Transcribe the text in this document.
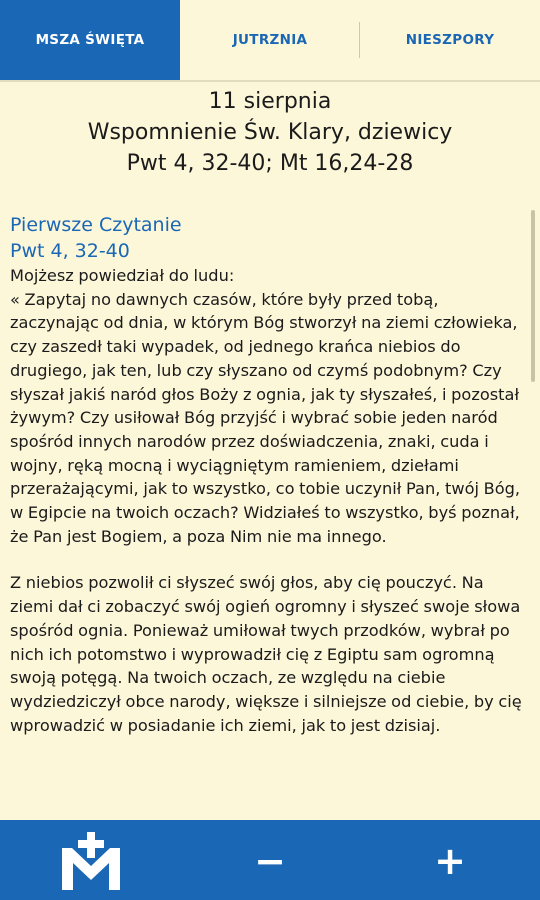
MSZA ŚWIĘTA	JUTRZNIA	NIESZPORY
11 sierpnia
Wspomnienie Św. Klary, dziewicy
Pwt 4, 32-40; Mt 16,24-28
Pierwsze Czytanie
Pwt 4, 32-40

Mojżesz powiedział do ludu:
« Zapytaj no dawnych czasów, które były przed tobą, zaczynając od dnia, w którym Bóg stworzył na ziemi człowieka, czy zaszedł taki wypadek, od jednego krańca niebios do drugiego, jak ten, lub czy słyszano od czymś podobnym? Czy słyszał jakiś naród głos Boży z ognia, jak ty słyszałeś, i pozostał żywym? Czy usiłował Bóg przyjść i wybrać sobie jeden naród spośród innych narodów przez doświadczenia, znaki, cuda i wojny, ręką mocną i wyciągniętym ramieniem, dziełami przerażającymi, jak to wszystko, co tobie uczynił Pan, twój Bóg, w Egipcie na twoich oczach? Widziałeś to wszystko, byś poznał, że Pan jest Bogiem, a poza Nim nie ma innego.

Z niebios pozwolił ci słyszeć swój głos, aby cię pouczyć. Na ziemi dał ci zobaczyć swój ogień ogromny i słyszeć swoje słowa spośród ognia. Ponieważ umiłował twych przodków, wybrał po nich ich potomstwo i wyprowadził cię z Egiptu sam ogromną swoją potęgą. Na twoich oczach, ze względu na ciebie wydziedziczył obce narody, większe i silniejsze od ciebie, by cię wprowadzić w posiadanie ich ziemi, jak to jest dzisiaj.

−	+
